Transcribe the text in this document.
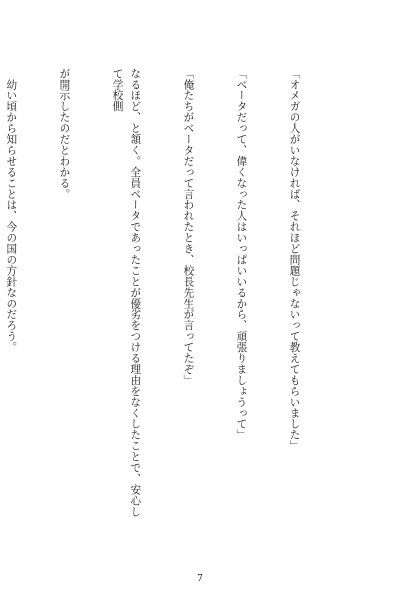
「オメガの人がいなければ、それほど問題じゃないって教えてもらいました」

「ベータだって、偉くなった人はいっぱいいるから、頑張りましょうって」

「俺たちがベータだって言われたとき、校長先生が言ってたぞ」

なるほど、と頷く。全員ベータであったことが優劣をつける理由をなくしたことで、安心して学校側

が開示したのだとわかる。

　幼い頃から知らせることは、今の国の方針なのだろう。

7
